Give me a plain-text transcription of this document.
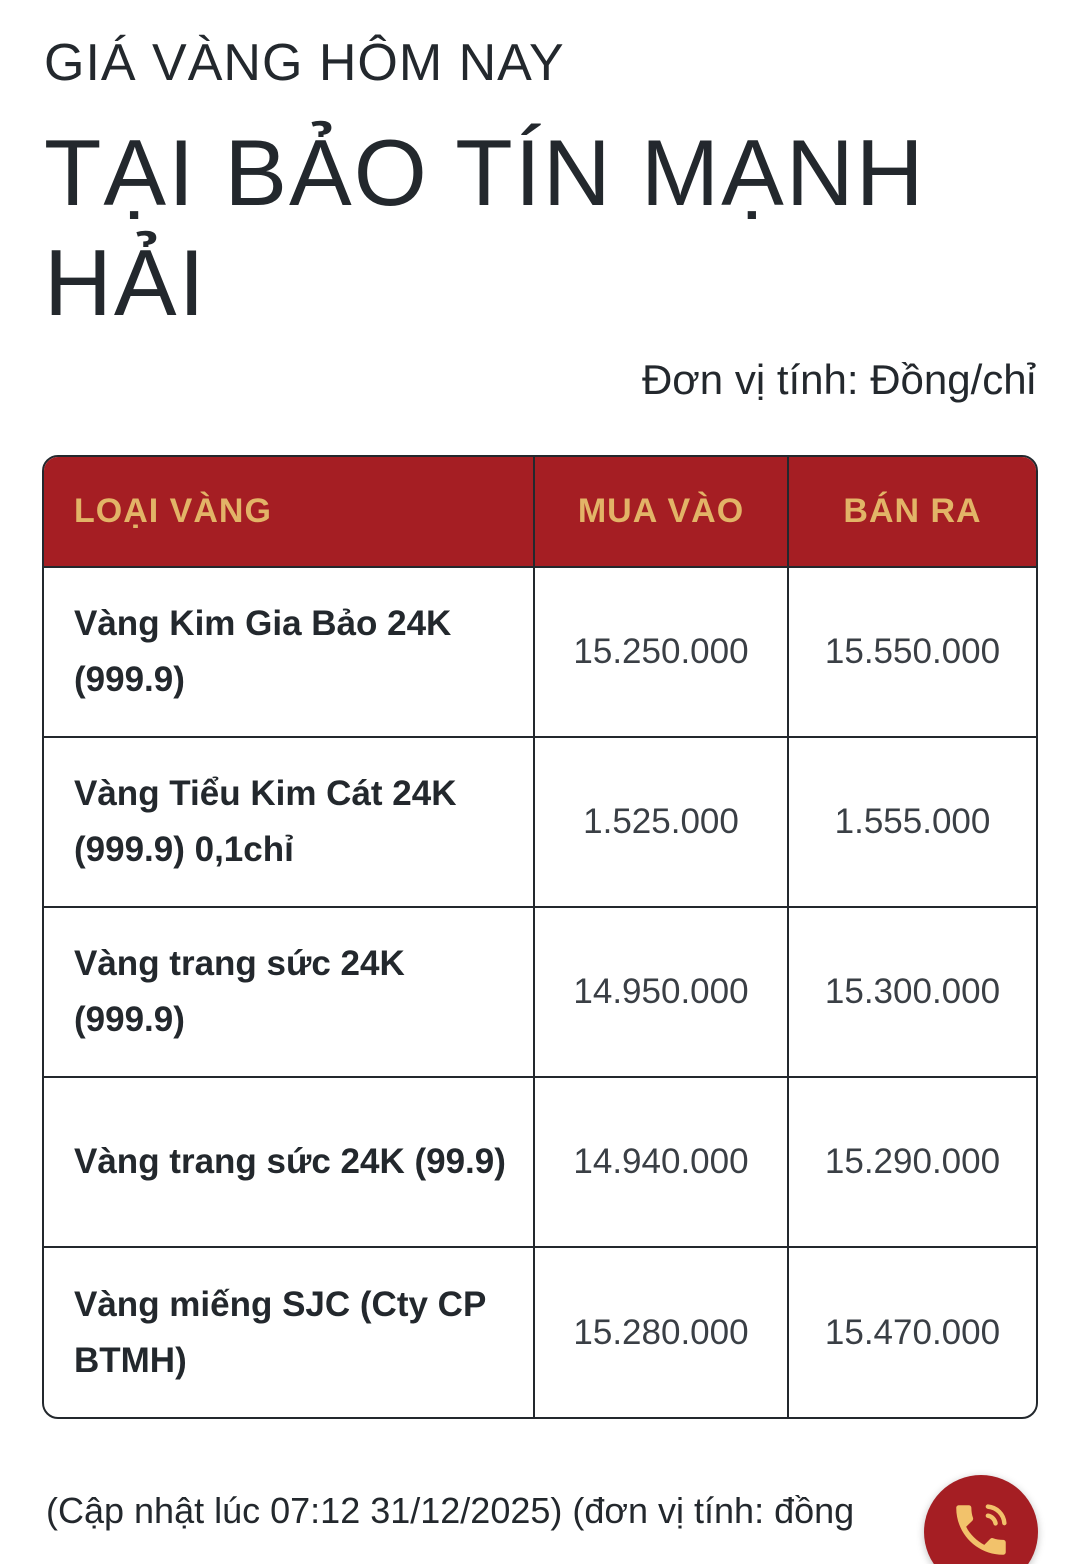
GIÁ VÀNG HÔM NAY
TẠI BẢO TÍN MẠNH HẢI
Đơn vị tính: Đồng/chỉ
LOẠI VÀNG	MUA VÀO	BÁN RA
Vàng Kim Gia Bảo 24K (999.9)	15.250.000	15.550.000
Vàng Tiểu Kim Cát 24K (999.9) 0,1chỉ	1.525.000	1.555.000
Vàng trang sức 24K (999.9)	14.950.000	15.300.000
Vàng trang sức 24K (99.9)	14.940.000	15.290.000
Vàng miếng SJC (Cty CP BTMH)	15.280.000	15.470.000
(Cập nhật lúc 07:12 31/12/2025) (đơn vị tính: đồng
